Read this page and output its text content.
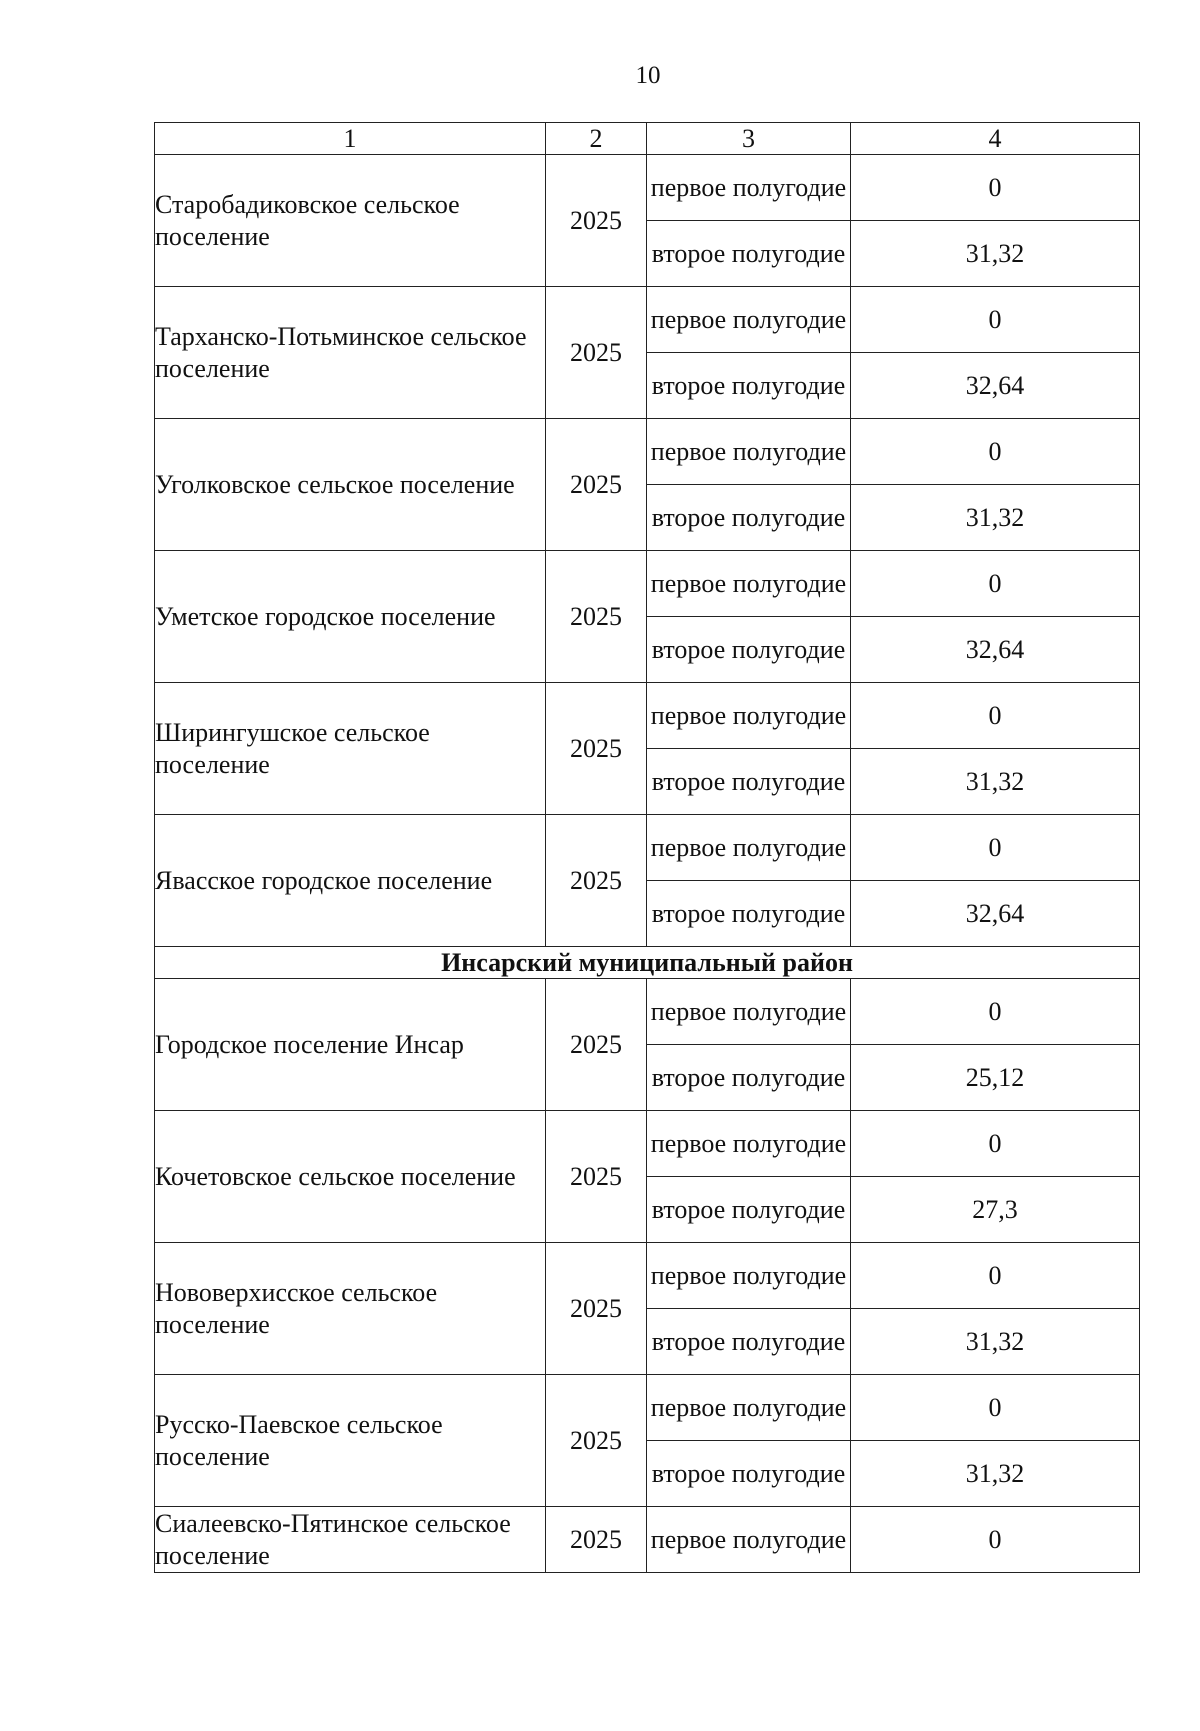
10
1	2	3	4
Старобадиковское сельское поселение	2025	первое полугодие	0
		второе полугодие	31,32
Тарханско-Потьминское сельское поселение	2025	первое полугодие	0
		второе полугодие	32,64
Уголковское сельское поселение	2025	первое полугодие	0
		второе полугодие	31,32
Уметское городское поселение	2025	первое полугодие	0
		второе полугодие	32,64
Ширингушское сельское поселение	2025	первое полугодие	0
		второе полугодие	31,32
Явасское городское поселение	2025	первое полугодие	0
		второе полугодие	32,64
Инсарский муниципальный район			
Городское поселение Инсар	2025	первое полугодие	0
		второе полугодие	25,12
Кочетовское сельское поселение	2025	первое полугодие	0
		второе полугодие	27,3
Нововерхисское сельское поселение	2025	первое полугодие	0
		второе полугодие	31,32
Русско-Паевское сельское поселение	2025	первое полугодие	0
		второе полугодие	31,32
Сиалеевско-Пятинское сельское поселение	2025	первое полугодие	0
